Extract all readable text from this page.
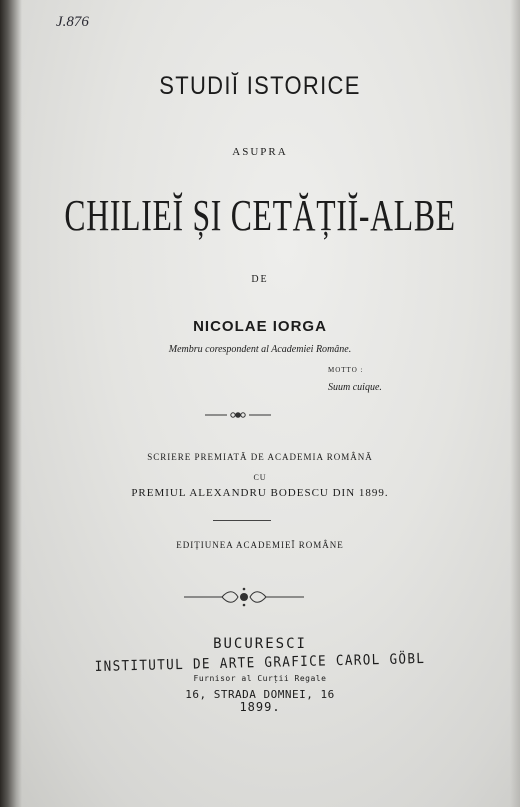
J.876
STUDIĬ ISTORICE
ASUPRA
CHILIEĬ ȘI CETĂȚIĬ-ALBE
DE
NICOLAE IORGA
Membru corespondent al Academiei Române.
MOTTO :
Suum cuique.
SCRIERE PREMIATĂ DE ACADEMIA ROMÂNĂ
CU
PREMIUL ALEXANDRU BODESCU DIN 1899.
EDIȚIUNEA ACADEMIEĬ ROMÂNE
BUCURESCI
INSTITUTUL DE ARTE GRAFICE CAROL GÖBL
Furnisor al Curții Regale
16, STRADA DOMNEI, 16
1899.
